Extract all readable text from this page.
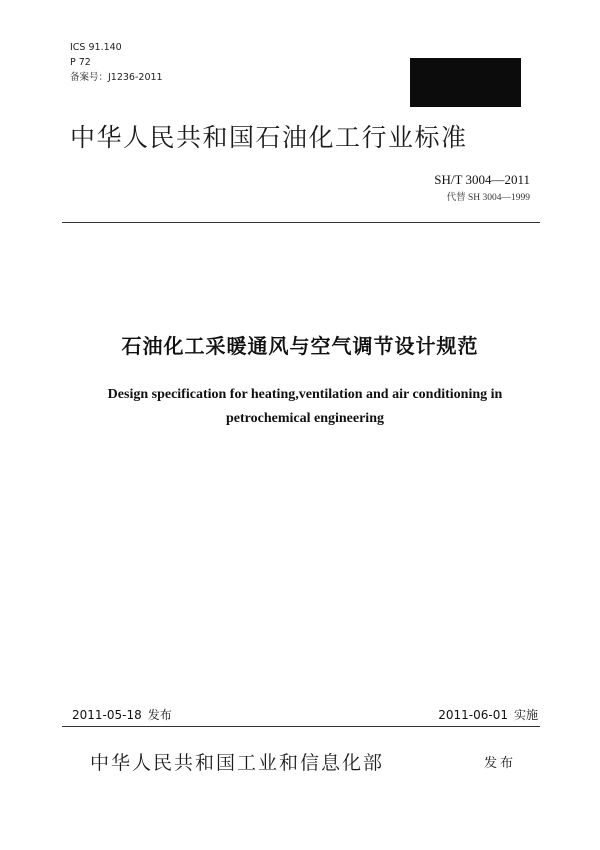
ICS 91.140
P 72
备案号：J1236-2011
中华人民共和国石油化工行业标准
SH/T 3004—2011
代替 SH 3004—1999
石油化工采暖通风与空气调节设计规范
Design specification for heating,ventilation and air conditioning in
petrochemical engineering
2011-05-18 发布	2011-06-01 实施
中华人民共和国工业和信息化部	发布
